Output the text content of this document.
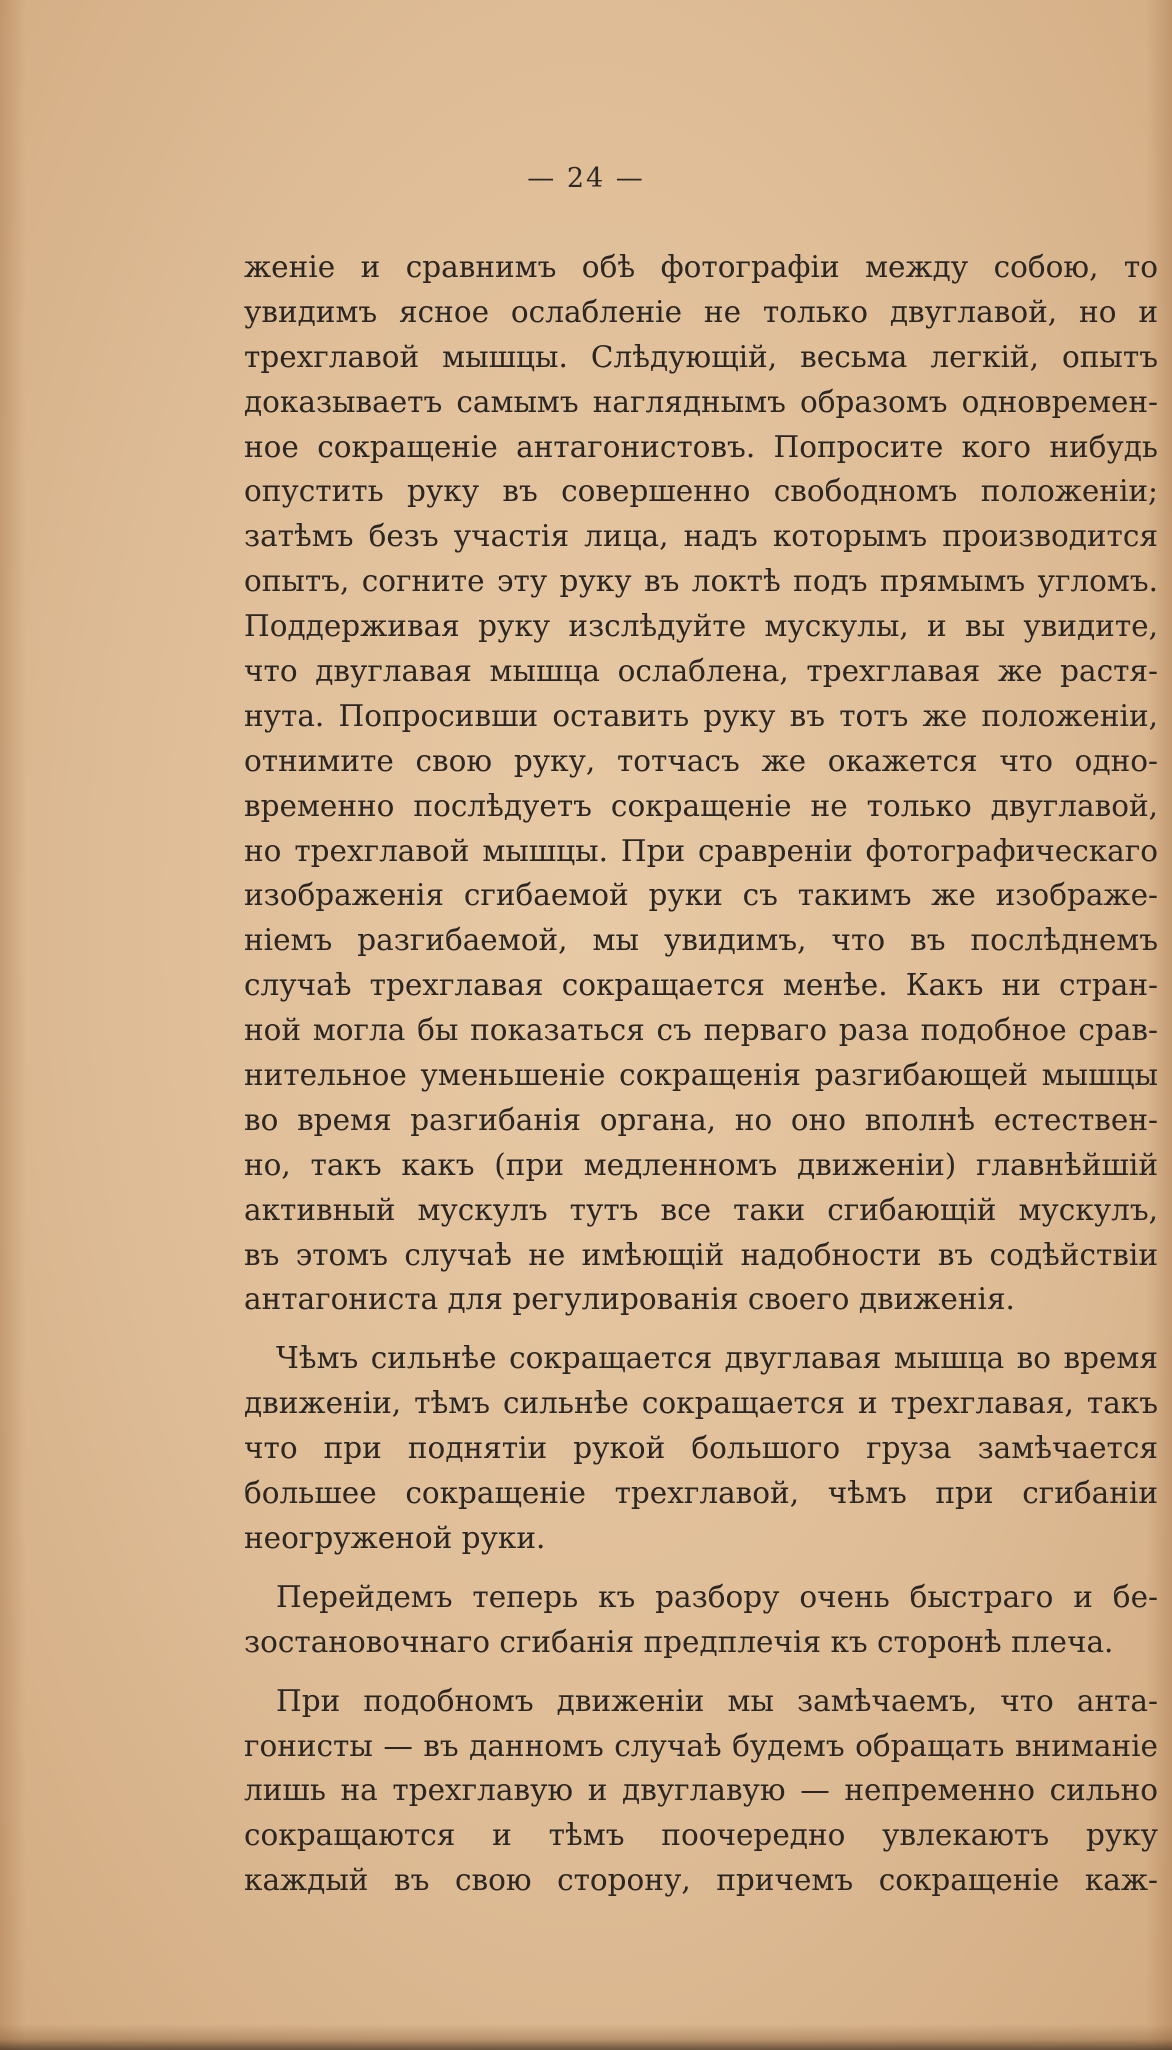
— 24 —
женіе и сравнимъ обѣ фотографіи между собою, то
увидимъ ясное ослабленіе не только двуглавой, но и
трехглавой мышцы. Слѣдующій, весьма легкій, опытъ
доказываетъ самымъ нагляднымъ образомъ одновремен-
ное сокращеніе антагонистовъ. Попросите кого нибудь
опустить руку въ совершенно свободномъ положеніи;
затѣмъ безъ участія лица, надъ которымъ производится
опытъ, согните эту руку въ локтѣ подъ прямымъ угломъ.
Поддерживая руку изслѣдуйте мускулы, и вы увидите,
что двуглавая мышца ослаблена, трехглавая же растя-
нута. Попросивши оставить руку въ тотъ же положеніи,
отнимите свою руку, тотчасъ же окажется что одно-
временно послѣдуетъ сокращеніе не только двуглавой,
но трехглавой мышцы. При сравреніи фотографическаго
изображенія сгибаемой руки съ такимъ же изображе-
ніемъ разгибаемой, мы увидимъ, что въ послѣднемъ
случаѣ трехглавая сокращается менѣе. Какъ ни стран-
ной могла бы показаться съ перваго раза подобное срав-
нительное уменьшеніе сокращенія разгибающей мышцы
во время разгибанія органа, но оно вполнѣ естествен-
но, такъ какъ (при медленномъ движеніи) главнѣйшій
активный мускулъ тутъ все таки сгибающій мускулъ,
въ этомъ случаѣ не имѣющій надобности въ содѣйствіи
антагониста для регулированія своего движенія.
Чѣмъ сильнѣе сокращается двуглавая мышца во время
движеніи, тѣмъ сильнѣе сокращается и трехглавая, такъ
что при поднятіи рукой большого груза замѣчается
большее сокращеніе трехглавой, чѣмъ при сгибаніи
неогруженой руки.
Перейдемъ теперь къ разбору очень быстраго и бе-
зостановочнаго сгибанія предплечія къ сторонѣ плеча.
При подобномъ движеніи мы замѣчаемъ, что анта-
гонисты — въ данномъ случаѣ будемъ обращать вниманіе
лишь на трехглавую и двуглавую — непременно сильно
сокращаются и тѣмъ поочередно увлекаютъ руку
каждый въ свою сторону, причемъ сокращеніе каж-
